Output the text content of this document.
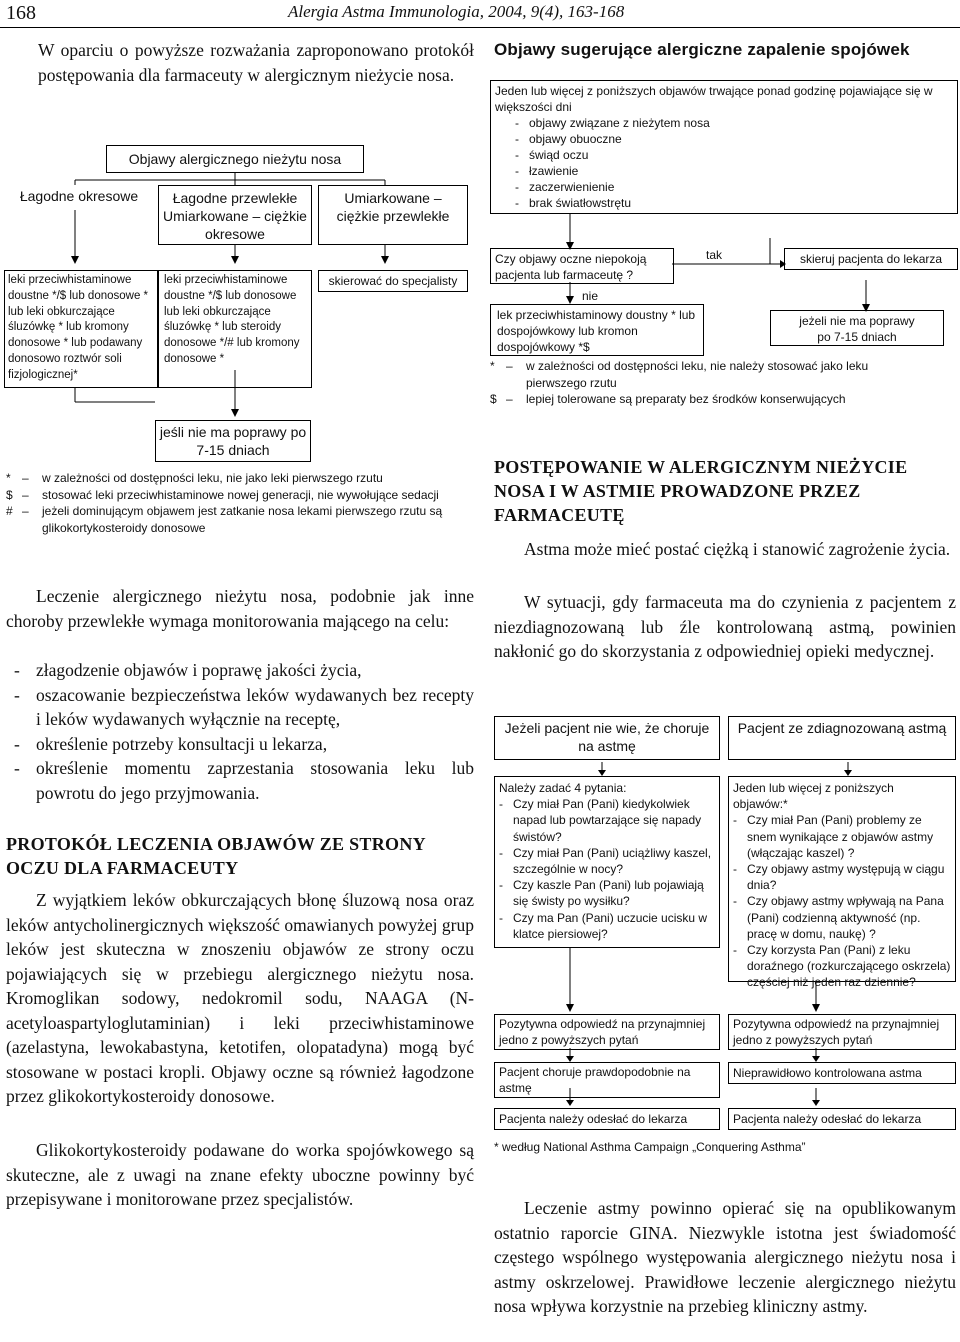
168	Alergia Astma Immunologia, 2004, 9(4), 163-168
W oparciu o powyższe rozważania zaproponowano protokół postępowania dla farmaceuty w alergicznym nieżycie nosa.
Objawy alergicznego nieżytu nosa
Łagodne okresowe	Łagodne przewlekłe Umiarkowane – ciężkie okresowe
Umiarkowane – ciężkie przewlekłe
leki przeciwhistaminowe doustne */$ lub donosowe * lub leki obkurczające śluzówkę * lub kromony donosowe * lub podawany donosowo roztwór soli fizjologicznej*
leki przeciwhistaminowe doustne */$ lub donosowe lub leki obkurczające śluzówkę * lub steroidy donosowe */# lub kromony donosowe *
skierować do specjalisty
jeśli nie ma poprawy po 7-15 dniach
* –	w zależności od dostępności leku, nie jako leki pierwszego rzutu
$ –	stosować leki przeciwhistaminowe nowej generacji, nie wywołujące sedacji
# –	jeżeli dominującym objawem jest zatkanie nosa lekami pierwszego rzutu są glikokortykosteroidy donosowe
Leczenie alergicznego nieżytu nosa, podobnie jak inne choroby przewlekłe wymaga monitorowania mającego na celu:
- złagodzenie objawów i poprawę jakości życia,
- oszacowanie bezpieczeństwa leków wydawanych bez recepty i leków wydawanych wyłącznie na receptę,
- określenie potrzeby konsultacji u lekarza,
- określenie momentu zaprzestania stosowania leku lub powrotu do jego przyjmowania.
PROTOKÓŁ LECZENIA OBJAWÓW ZE STRONY OCZU DLA FARMACEUTY
Z wyjątkiem leków obkurczających błonę śluzową nosa oraz leków antycholinergicznych większość omawianych powyżej grup leków jest skuteczna w znoszeniu objawów ze strony oczu pojawiających się w przebiegu alergicznego nieżytu nosa. Kromoglikan sodowy, nedokromil sodu, NAAGA (N-acetyloaspartyloglutaminian) i leki przeciwhistaminowe (azelastyna, lewokabastyna, ketotifen, olopatadyna) mogą być stosowane w postaci kropli. Objawy oczne są również łagodzone przez glikokortykosteroidy donosowe.
Glikokortykosteroidy podawane do worka spojówkowego są skuteczne, ale z uwagi na znane efekty uboczne powinny być przepisywane i monitorowane przez specjalistów.
Objawy sugerujące alergiczne zapalenie spojówek
Jeden lub więcej z poniższych objawów trwające ponad godzinę pojawiające się w większości dni
- objawy związane z nieżytem nosa
- objawy obuoczne
- świąd oczu
- łzawienie
- zaczerwienienie
- brak światłowstrętu
Czy objawy oczne niepokoją pacjenta lub farmaceutę ?
tak	skieruj pacjenta do lekarza
nie
lek przeciwhistaminowy doustny * lub dospojówkowy lub kromon dospojówkowy *$
jeżeli nie ma poprawy po 7-15 dniach
* –	w zależności od dostępności leku, nie należy stosować jako leku pierwszego rzutu
$ –	lepiej tolerowane są preparaty bez środków konserwujących
POSTĘPOWANIE W ALERGICZNYM NIEŻYCIE NOSA I W ASTMIE PROWADZONE PRZEZ FARMACEUTĘ
Astma może mieć postać ciężką i stanowić zagrożenie życia.
W sytuacji, gdy farmaceuta ma do czynienia z pacjentem z niezdiagnozowaną lub źle kontrolowaną astmą, powinien nakłonić go do skorzystania z odpowiedniej opieki medycznej.
Jeżeli pacjent nie wie, że choruje na astmę
Pacjent ze zdiagnozowaną astmą
Należy zadać 4 pytania:
- Czy miał Pan (Pani) kiedykolwiek napad lub powtarzające się napady świstów?
- Czy miał Pan (Pani) uciążliwy kaszel, szczególnie w nocy?
- Czy kaszle Pan (Pani) lub pojawiają się świsty po wysiłku?
- Czy ma Pan (Pani) uczucie ucisku w klatce piersiowej?
Jeden lub więcej z poniższych objawów:*
- Czy miał Pan (Pani) problemy ze snem wynikające z objawów astmy (włączając kaszel) ?
- Czy objawy astmy występują w ciągu dnia?
- Czy objawy astmy wpływają na Pana (Pani) codzienną aktywność (np. pracę w domu, naukę) ?
- Czy korzysta Pan (Pani) z leku doraźnego (rozkurczającego oskrzela) częściej niż jeden raz dziennie?
Pozytywna odpowiedź na przynajmniej jedno z powyższych pytań
Pozytywna odpowiedź na przynajmniej jedno z powyższych pytań
Pacjent choruje prawdopodobnie na astmę
Nieprawidłowo kontrolowana astma
Pacjenta należy odesłać do lekarza	Pacjenta należy odesłać do lekarza
* według National Asthma Campaign „Conquering Asthma”
Leczenie astmy powinno opierać się na opublikowanym ostatnio raporcie GINA. Niezwykle istotna jest świadomość częstego wspólnego występowania alergicznego nieżytu nosa i astmy oskrzelowej. Prawidłowe leczenie alergicznego nieżytu nosa wpływa korzystnie na przebieg kliniczny astmy.
